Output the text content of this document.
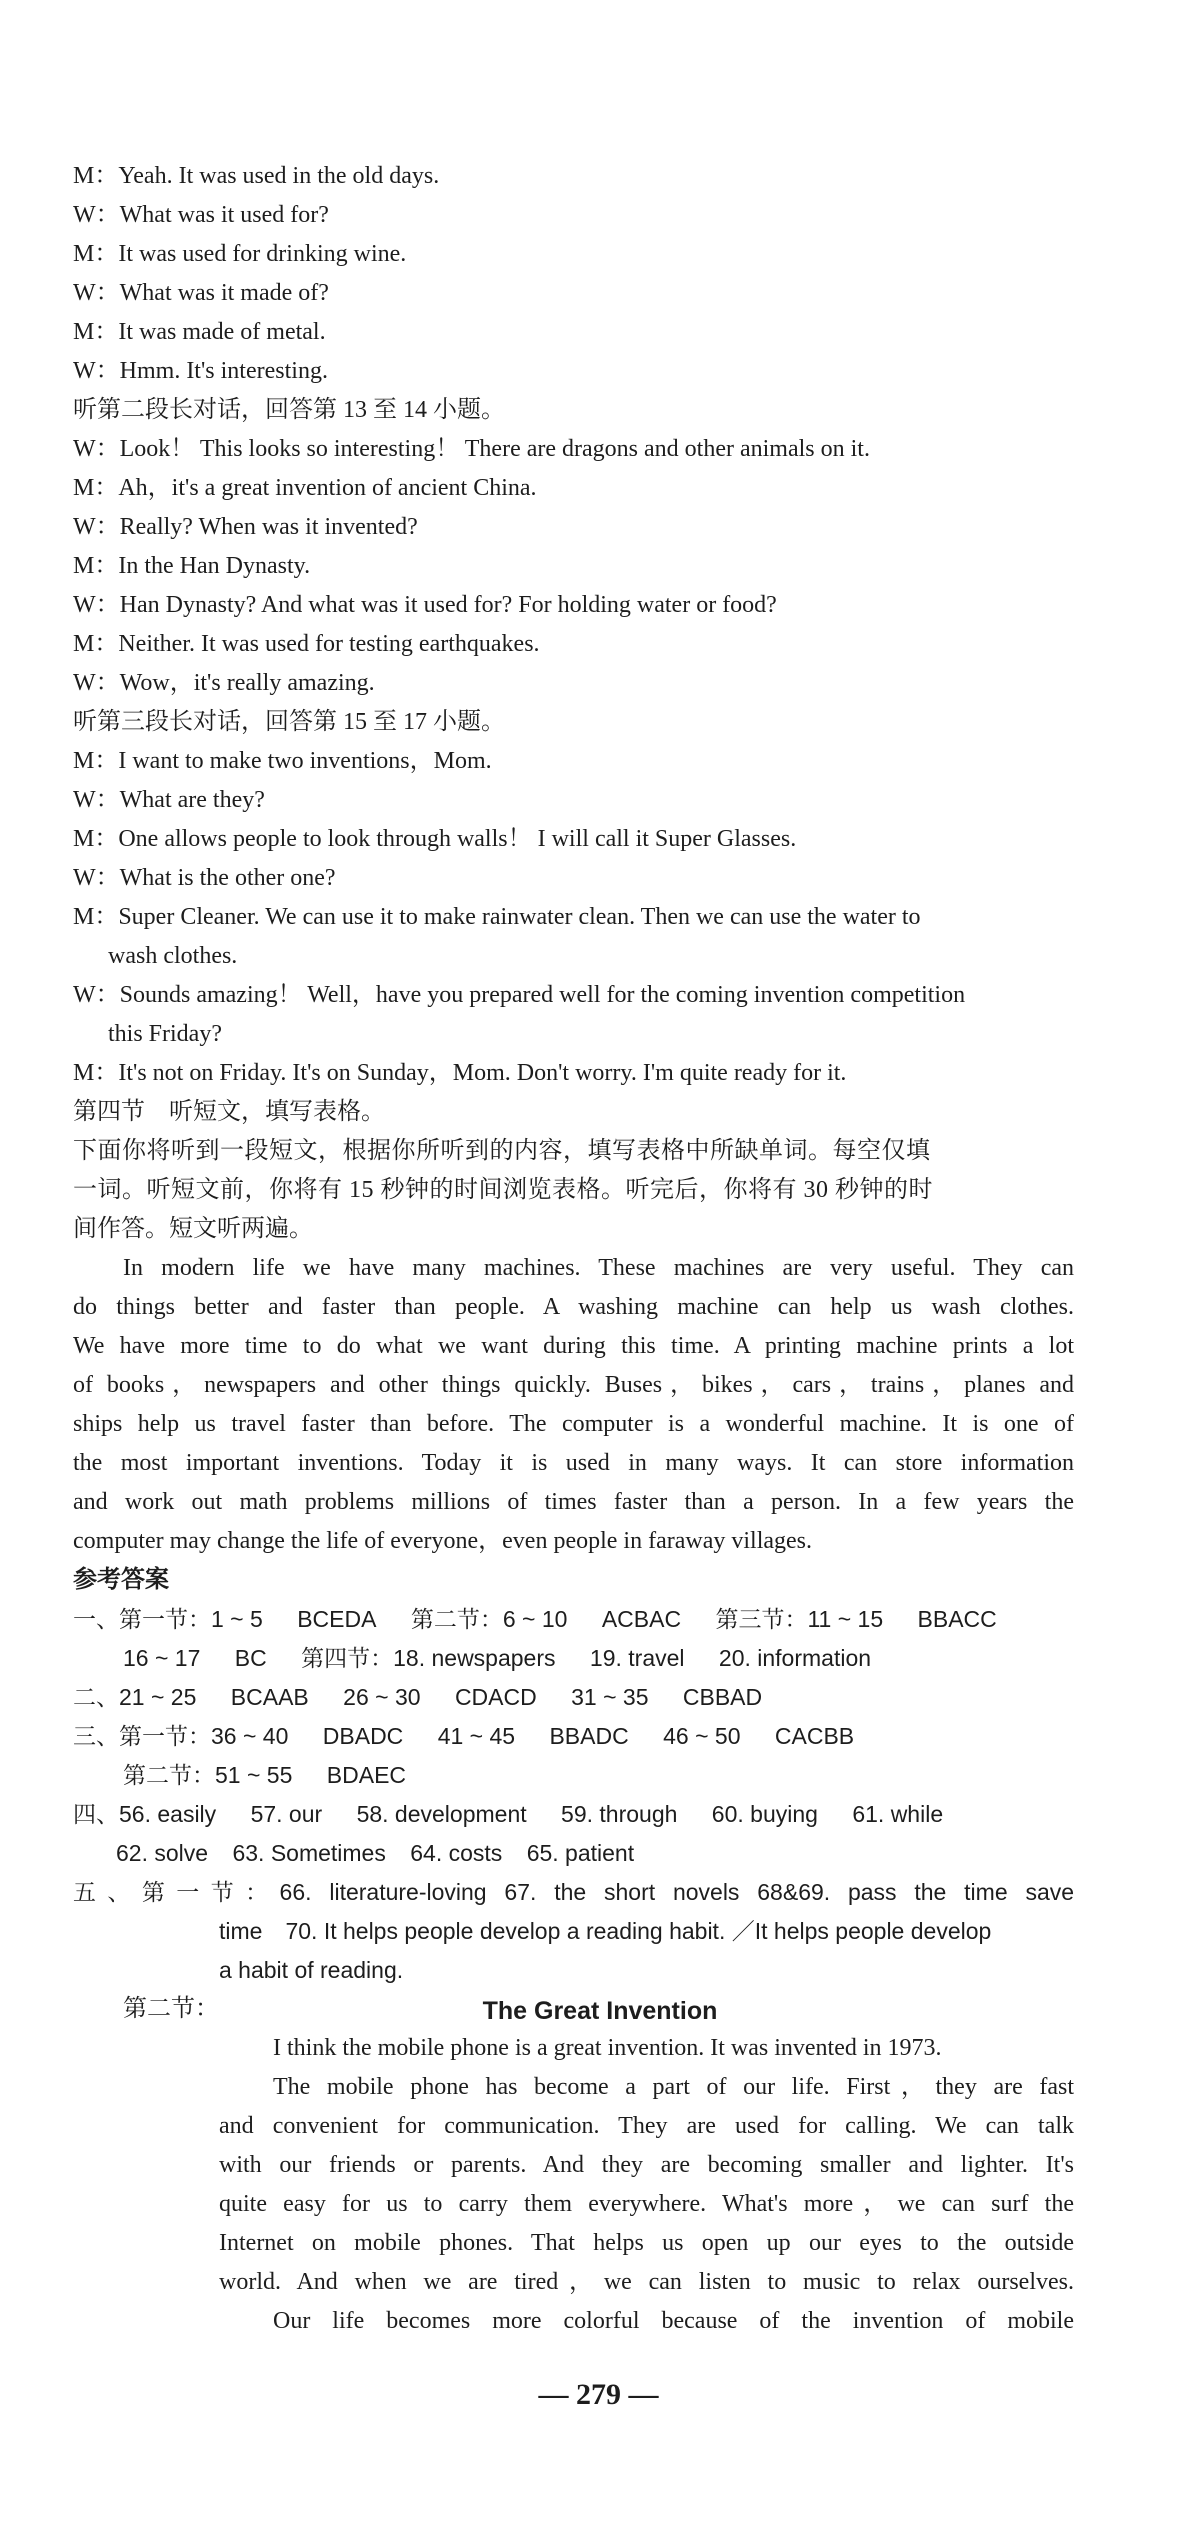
M：Yeah. It was used in the old days.
W：What was it used for?
M：It was used for drinking wine.
W：What was it made of?
M：It was made of metal.
W：Hmm. It's interesting.
听第二段长对话，回答第 13 至 14 小题。
W：Look！ This looks so interesting！ There are dragons and other animals on it.
M：Ah，it's a great invention of ancient China.
W：Really? When was it invented?
M：In the Han Dynasty.
W：Han Dynasty? And what was it used for? For holding water or food?
M：Neither. It was used for testing earthquakes.
W：Wow，it's really amazing.
听第三段长对话，回答第 15 至 17 小题。
M：I want to make two inventions，Mom.
W：What are they?
M：One allows people to look through walls！ I will call it Super Glasses.
W：What is the other one?
M：Super Cleaner. We can use it to make rainwater clean. Then we can use the water to
wash clothes.
W：Sounds amazing！ Well，have you prepared well for the coming invention competition
this Friday?
M：It's not on Friday. It's on Sunday，Mom. Don't worry. I'm quite ready for it.
第四节　听短文，填写表格。
下面你将听到一段短文，根据你所听到的内容，填写表格中所缺单词。每空仅填
一词。听短文前，你将有 15 秒钟的时间浏览表格。听完后，你将有 30 秒钟的时
间作答。短文听两遍。
In modern life we have many machines. These machines are very useful. They can
do things better and faster than people. A washing machine can help us wash clothes.
We have more time to do what we want during this time. A printing machine prints a lot
of books，newspapers and other things quickly. Buses，bikes，cars，trains，planes and
ships help us travel faster than before. The computer is a wonderful machine. It is one of
the most important inventions. Today it is used in many ways. It can store information
and work out math problems millions of times faster than a person. In a few years the
computer may change the life of everyone，even people in faraway villages.
参考答案
一、第一节：1 ~ 5 BCEDA 第二节：6 ~ 10 ACBAC 第三节：11 ~ 15 BBACC
16 ~ 17 BC 第四节：18. newspapers 19. travel 20. information
二、21 ~ 25 BCAAB 26 ~ 30 CDACD 31 ~ 35 CBBAD
三、第一节：36 ~ 40 DBADC 41 ~ 45 BBADC 46 ~ 50 CACBB
第二节：51 ~ 55 BDAEC
四、56. easily 57. our 58. development 59. through 60. buying 61. while
62. solve 63. Sometimes 64. costs 65. patient
五、第一节：66. literature-loving 67. the short novels 68&69. pass the time save
time　70. It helps people develop a reading habit. ／It helps people develop
a habit of reading.
第二节：	The Great Invention
I think the mobile phone is a great invention. It was invented in 1973.
The mobile phone has become a part of our life. First，they are fast
and convenient for communication. They are used for calling. We can talk
with our friends or parents. And they are becoming smaller and lighter. It's
quite easy for us to carry them everywhere. What's more，we can surf the
Internet on mobile phones. That helps us open up our eyes to the outside
world. And when we are tired，we can listen to music to relax ourselves.
Our life becomes more colorful because of the invention of mobile
— 279 —
